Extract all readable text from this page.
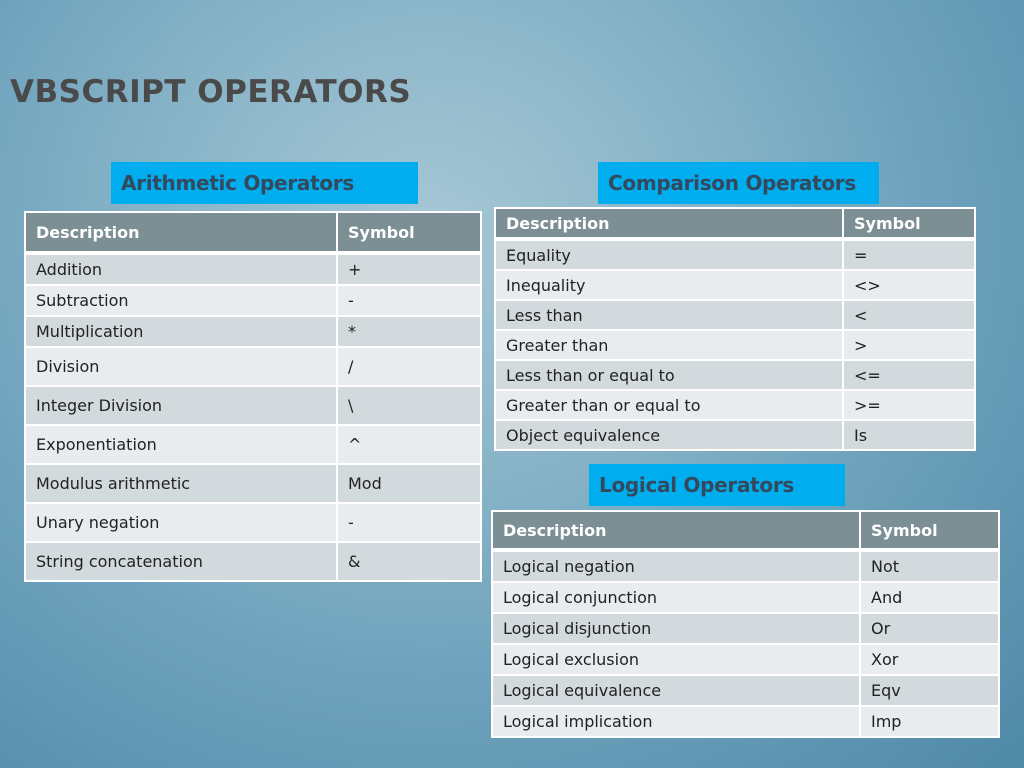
VBSCRIPT OPERATORS
Arithmetic Operators
Description	Symbol
Addition	+
Subtraction	-
Multiplication	*
Division	/
Integer Division	\
Exponentiation	^
Modulus arithmetic	Mod
Unary negation	-
String concatenation	&
Comparison Operators
Description	Symbol
Equality	=
Inequality	<>
Less than	<
Greater than	>
Less than or equal to	<=
Greater than or equal to	>=
Object equivalence	Is
Logical Operators
Description	Symbol
Logical negation	Not
Logical conjunction	And
Logical disjunction	Or
Logical exclusion	Xor
Logical equivalence	Eqv
Logical implication	Imp
